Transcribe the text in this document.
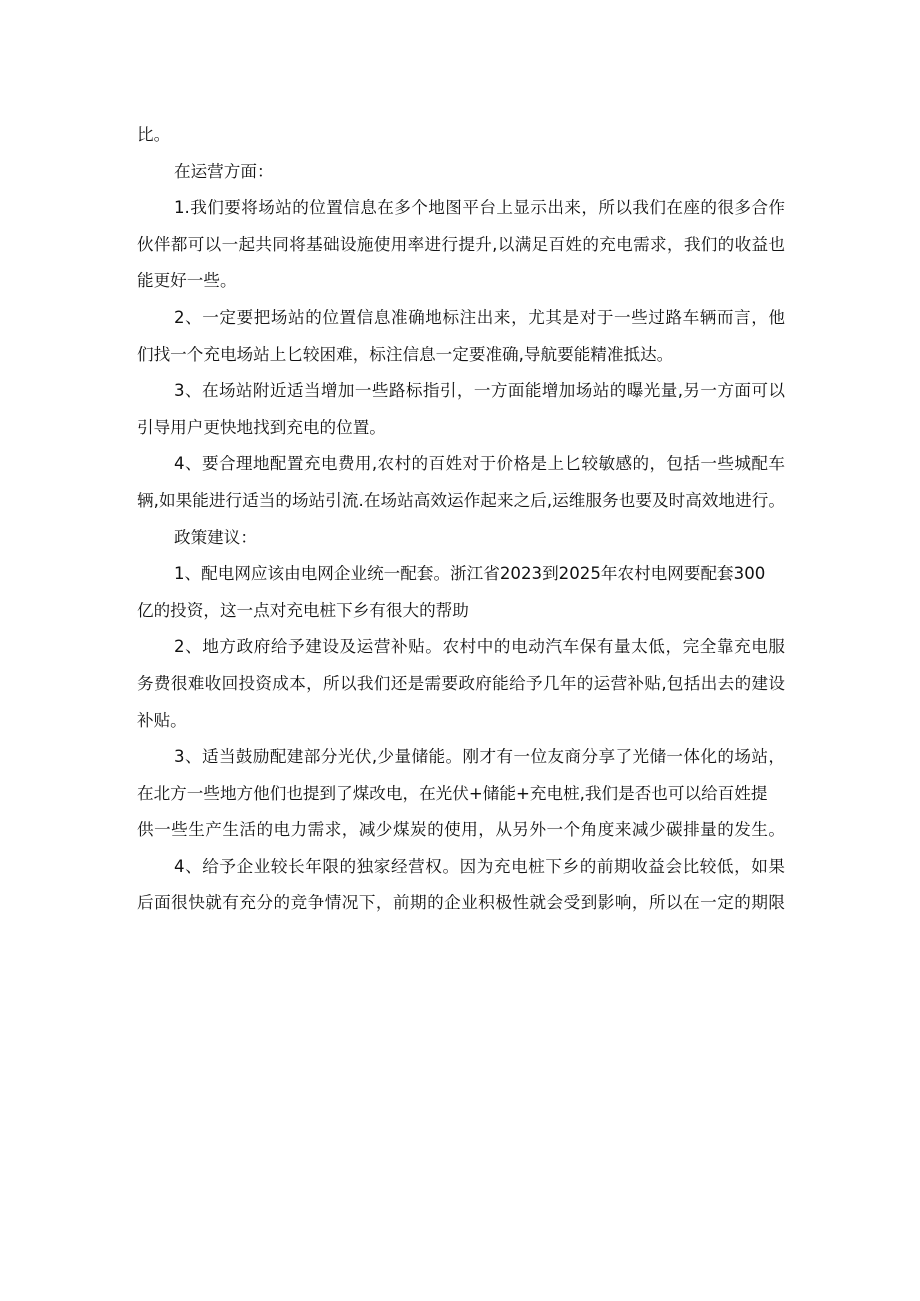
比。
在运营方面：
1.我们要将场站的位置信息在多个地图平台上显示出来，所以我们在座的很多合作
伙伴都可以一起共同将基础设施使用率进行提升,以满足百姓的充电需求，我们的收益也
能更好一些。
2、一定要把场站的位置信息准确地标注出来，尤其是对于一些过路车辆而言，他
们找一个充电场站上匕较困难，标注信息一定要准确,导航要能精准抵达。
3、在场站附近适当增加一些路标指引，一方面能增加场站的曝光量,另一方面可以
引导用户更快地找到充电的位置。
4、要合理地配置充电费用,农村的百姓对于价格是上匕较敏感的，包括一些城配车
辆,如果能进行适当的场站引流.在场站高效运作起来之后,运维服务也要及时高效地进行。
政策建议：
1、配电网应该由电网企业统一配套。浙江省2023到2025年农村电网要配套300
亿的投资，这一点对充电桩下乡有很大的帮助
2、地方政府给予建设及运营补贴。农村中的电动汽车保有量太低，完全靠充电服
务费很难收回投资成本，所以我们还是需要政府能给予几年的运营补贴,包括出去的建设
补贴。
3、适当鼓励配建部分光伏,少量储能。刚才有一位友商分享了光储一体化的场站，
在北方一些地方他们也提到了煤改电，在光伏+储能+充电桩,我们是否也可以给百姓提
供一些生产生活的电力需求，减少煤炭的使用，从另外一个角度来减少碳排量的发生。
4、给予企业较长年限的独家经营权。因为充电桩下乡的前期收益会比较低，如果
后面很快就有充分的竞争情况下，前期的企业积极性就会受到影响，所以在一定的期限
